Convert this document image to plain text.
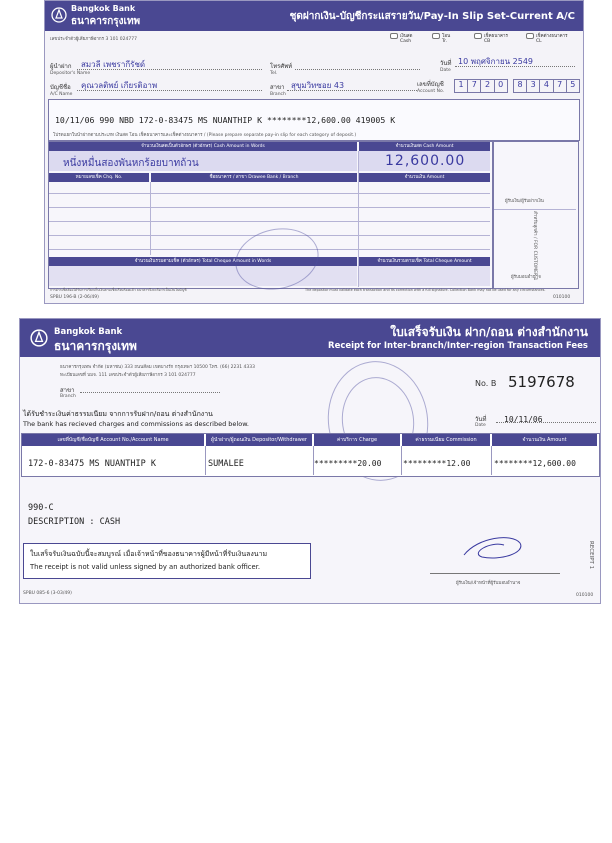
Bangkok Bank
ธนาคารกรุงเทพ	ชุดฝากเงิน-บัญชีกระแสรายวัน/Pay-In Slip Set-Current A/C
เลขประจำตัวผู้เสียภาษีอากร 3 101 024777
เงินสด
Cash
โอน
Tr.
เช็คธนาคาร
CB
เช็คต่างธนาคาร
CL
ผู้นำฝาก
Depositor's Name
สมวลี เพชรากีรัชด์	โทรศัพท์
Tel.
วันที่
Date
10 พฤศจิกายน 2549
บัญชีชื่อ
A/C Name
คุณวลติพย์ เกียรติอาพ	สาขา
Branch
สุขุมวิทซอย 43	เลขที่บัญชี
Account No.
1	7	2	0	8	3	4	7	5
10/11/06 990 NBD 172-0-83475 MS NUANTHIP K ********12,600.00 419005 K
โปรดแยกใบนำฝากตามประเภท เงินสด โอน เช็คธนาคารและเช็คต่างธนาคาร / (Please prepare separate pay-in slip for each category of deposit.)
จำนวนเงินสดเป็นตัวอักษร (ตัวอักษร) Cash Amount in Words	จำนวนเงินสด Cash Amount
หนึ่งหมื่นสองพันหกร้อยบาทถ้วน	12,600.00
หมายเลขเช็ค Chq. No.	ชื่อธนาคาร / สาขา Drawee Bank / Branch	จำนวนเงิน Amount
จำนวนเงินรวมตามเช็ค (ตัวอักษร) Total Cheque Amount in Words	จำนวนเงินรวมตามเช็ค Total Cheque Amount
ผู้รับเงิน/ผู้รับฝากเงิน
ผู้รับมอบอำนาจ
สำหรับลูกค้า / FOR CUSTOMER 1
SPBU 196-B (2-06/49)
การฝากเช็คต้องได้รับการเรียกเก็บเงินตามเช็คเรียบร้อยแล้ว ธนาคารจึงจะถือว่าเป็นเงินในบัญชี	The depositor must validate each transaction and its correction with a full signature. Collection Bank may not be used for any circumstances.
010100
Bangkok Bank
ธนาคารกรุงเทพ
ใบเสร็จรับเงิน ฝาก/ถอน ต่างสำนักงาน
Receipt for Inter-branch/Inter-region Transaction Fees
ธนาคารกรุงเทพ จำกัด (มหาชน) 333 ถนนสีลม เขตบางรัก กรุงเทพฯ 10500 โทร. (66) 2231 4333
ทะเบียนเลขที่ บมจ. 111 เลขประจำตัวผู้เสียภาษีอากร 3 101 024777
สาขา
Branch
No. B 5197678
ได้รับชำระเงินค่าธรรมเนียม จากการรับฝาก/ถอน ต่างสำนักงาน
The bank has recieved charges and commissions as described below.
วันที่
Date
10/11/06
เลขที่บัญชี/ชื่อบัญชี Account No./Account Name	ผู้นำฝาก/ผู้ถอนเงิน Depositor/Withdrawer	ค่าบริการ Charge	ค่าธรรมเนียม Commission	จำนวนเงิน Amount
172-0-83475 MS NUANTHIP K	SUMALEE	*********20.00	*********12.00	********12,600.00
990-C
DESCRIPTION : CASH
ใบเสร็จรับเงินฉบับนี้จะสมบูรณ์ เมื่อเจ้าหน้าที่ของธนาคารผู้มีหน้าที่รับเงินลงนาม
The receipt is not valid unless signed by an authorized bank officer.
ผู้รับเงิน/เจ้าหน้าที่ผู้รับมอบอำนาจ
RECEIPT 1
SPBU 085-6 (3-03/49)	010100
